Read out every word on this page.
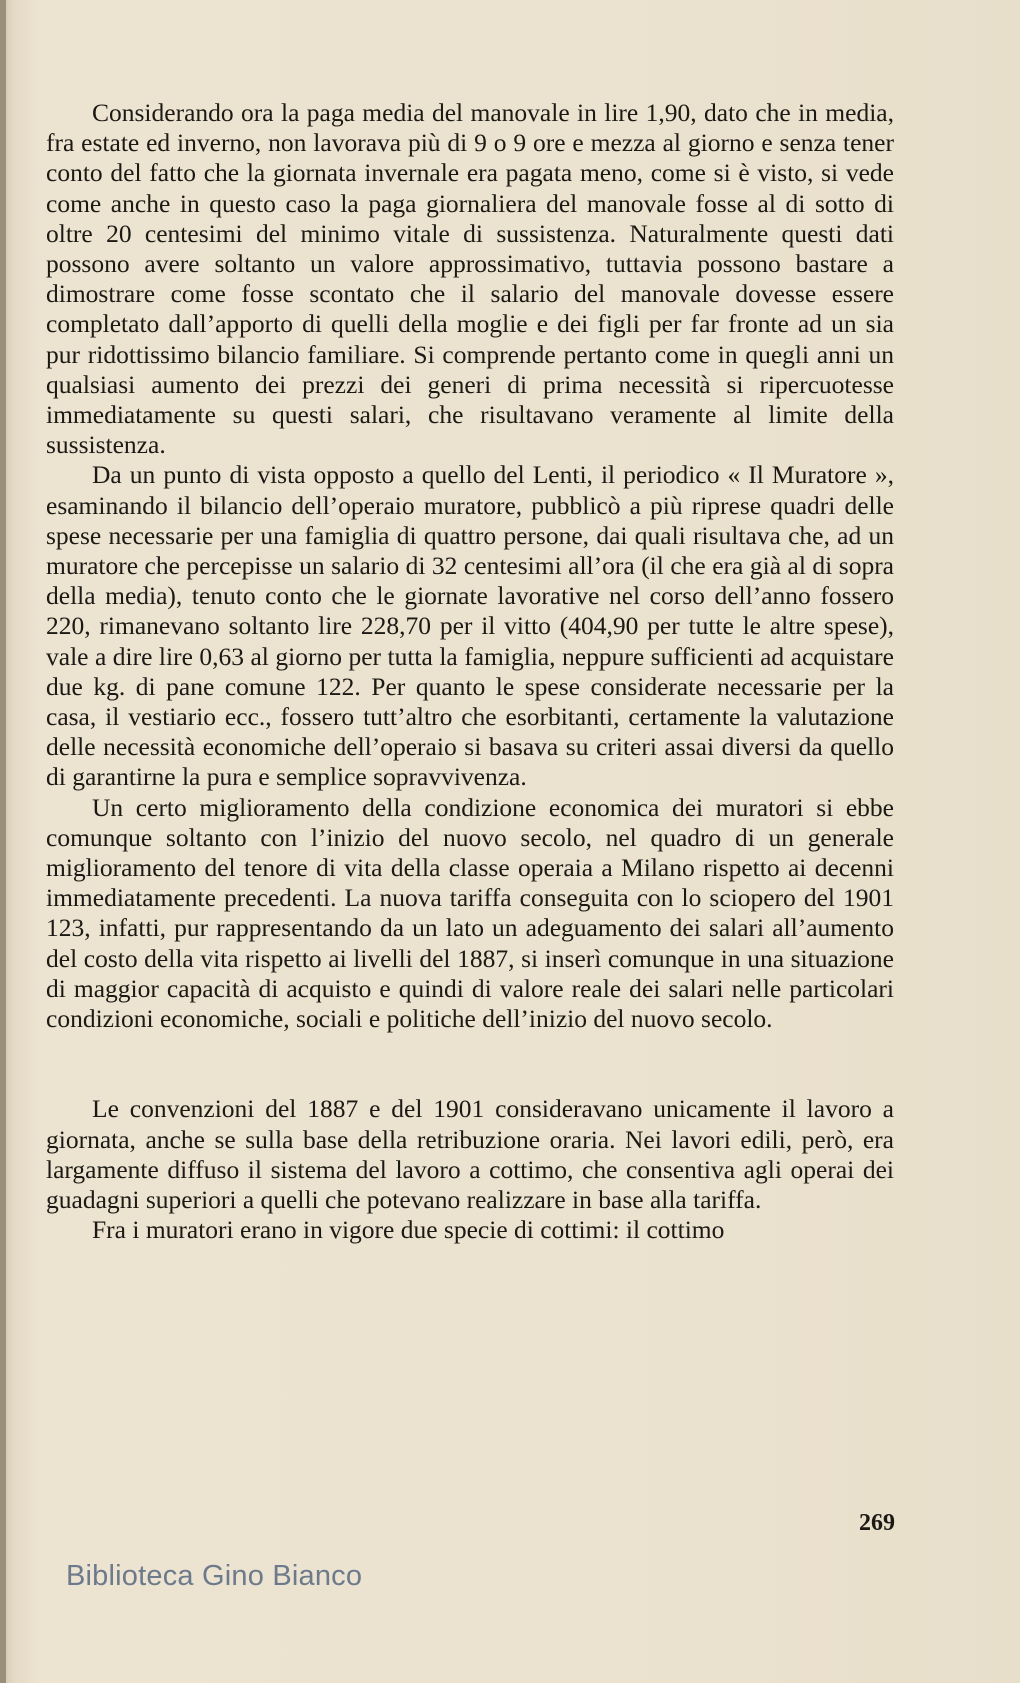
Considerando ora la paga media del manovale in lire 1,90, dato che in media, fra estate ed inverno, non lavorava più di 9 o 9 ore e mezza al giorno e senza tener conto del fatto che la giornata invernale era pagata meno, come si è visto, si vede come anche in questo caso la paga giornaliera del manovale fosse al di sotto di oltre 20 centesimi del minimo vitale di sussistenza. Naturalmente questi dati possono avere soltanto un valore approssimativo, tuttavia possono bastare a dimostrare come fosse scontato che il salario del manovale dovesse essere completato dall’apporto di quelli della moglie e dei figli per far fronte ad un sia pur ridottissimo bilancio familiare. Si comprende pertanto come in quegli anni un qualsiasi aumento dei prezzi dei generi di prima necessità si ripercuotesse immediatamente su questi salari, che risultavano veramente al limite della sussistenza.

Da un punto di vista opposto a quello del Lenti, il periodico « Il Muratore », esaminando il bilancio dell’operaio muratore, pubblicò a più riprese quadri delle spese necessarie per una famiglia di quattro persone, dai quali risultava che, ad un muratore che percepisse un salario di 32 centesimi all’ora (il che era già al di sopra della media), tenuto conto che le giornate lavorative nel corso dell’anno fossero 220, rimanevano soltanto lire 228,70 per il vitto (404,90 per tutte le altre spese), vale a dire lire 0,63 al giorno per tutta la famiglia, neppure sufficienti ad acquistare due kg. di pane comune 122. Per quanto le spese considerate necessarie per la casa, il vestiario ecc., fossero tutt’altro che esorbitanti, certamente la valutazione delle necessità economiche dell’operaio si basava su criteri assai diversi da quello di garantirne la pura e semplice sopravvivenza.

Un certo miglioramento della condizione economica dei muratori si ebbe comunque soltanto con l’inizio del nuovo secolo, nel quadro di un generale miglioramento del tenore di vita della classe operaia a Milano rispetto ai decenni immediatamente precedenti. La nuova tariffa conseguita con lo sciopero del 1901 123, infatti, pur rappresentando da un lato un adeguamento dei salari all’aumento del costo della vita rispetto ai livelli del 1887, si inserì comunque in una situazione di maggior capacità di acquisto e quindi di valore reale dei salari nelle particolari condizioni economiche, sociali e politiche dell’inizio del nuovo secolo.

Le convenzioni del 1887 e del 1901 consideravano unicamente il lavoro a giornata, anche se sulla base della retribuzione oraria. Nei lavori edili, però, era largamente diffuso il sistema del lavoro a cottimo, che consentiva agli operai dei guadagni superiori a quelli che potevano realizzare in base alla tariffa.

Fra i muratori erano in vigore due specie di cottimi: il cottimo

269
Biblioteca Gino Bianco
